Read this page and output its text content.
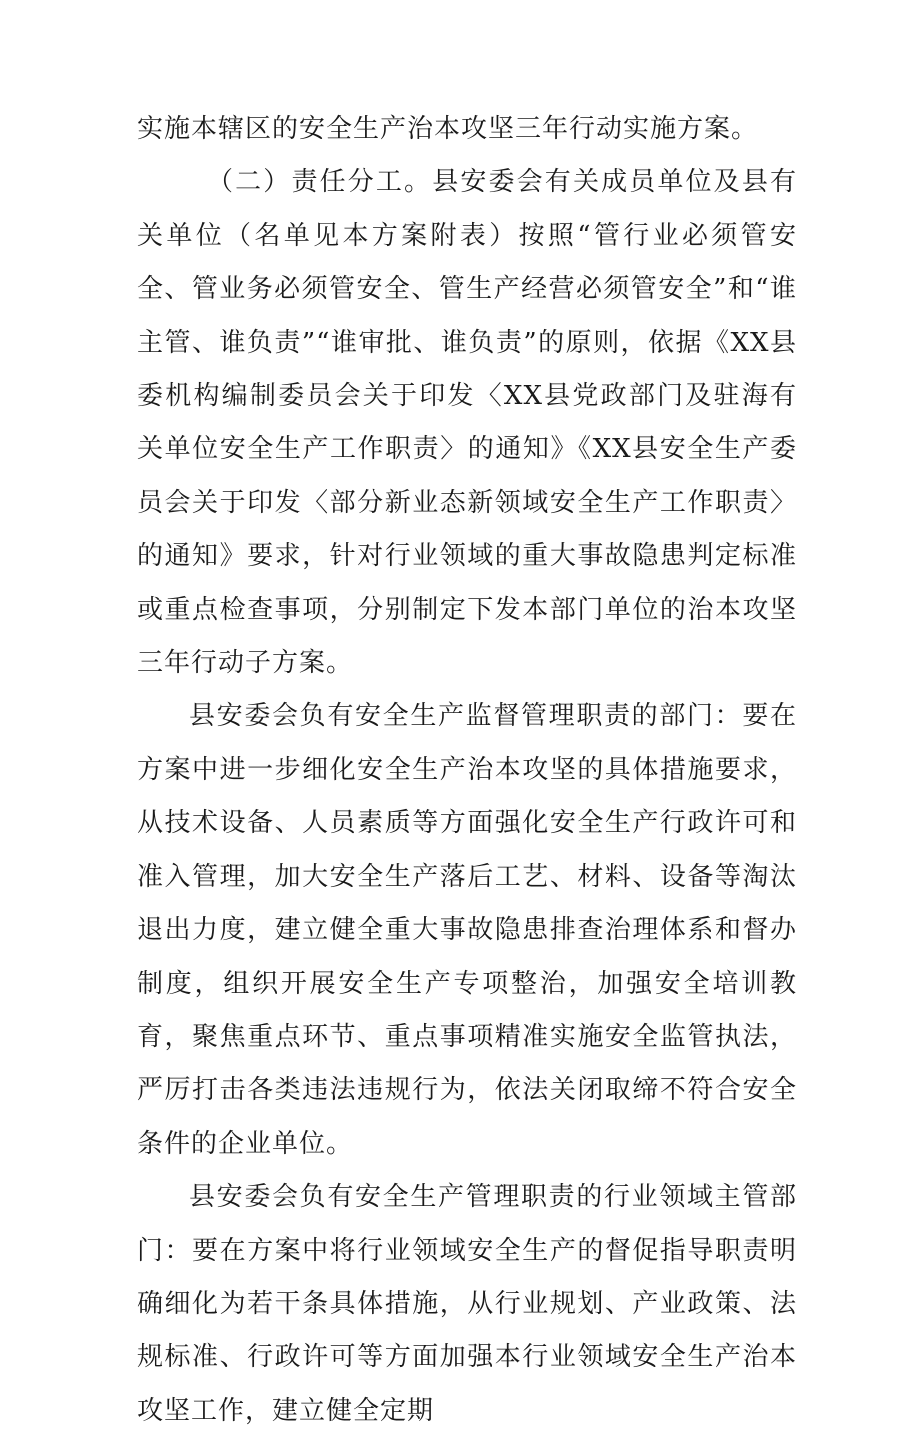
实施本辖区的安全生产治本攻坚三年行动实施方案。

（二）责任分工。县安委会有关成员单位及县有关单位（名单见本方案附表）按照“管行业必须管安全、管业务必须管安全、管生产经营必须管安全”和“谁主管、谁负责”“谁审批、谁负责”的原则，依据《XX县委机构编制委员会关于印发〈XX县党政部门及驻海有关单位安全生产工作职责〉的通知》《XX县安全生产委员会关于印发〈部分新业态新领域安全生产工作职责〉的通知》要求，针对行业领域的重大事故隐患判定标准或重点检查事项，分别制定下发本部门单位的治本攻坚三年行动子方案。

县安委会负有安全生产监督管理职责的部门：要在方案中进一步细化安全生产治本攻坚的具体措施要求，从技术设备、人员素质等方面强化安全生产行政许可和准入管理，加大安全生产落后工艺、材料、设备等淘汰退出力度，建立健全重大事故隐患排查治理体系和督办制度，组织开展安全生产专项整治，加强安全培训教育，聚焦重点环节、重点事项精准实施安全监管执法，严厉打击各类违法违规行为，依法关闭取缔不符合安全条件的企业单位。

县安委会负有安全生产管理职责的行业领域主管部门：要在方案中将行业领域安全生产的督促指导职责明确细化为若干条具体措施，从行业规划、产业政策、法规标准、行政许可等方面加强本行业领域安全生产治本攻坚工作，建立健全定期
